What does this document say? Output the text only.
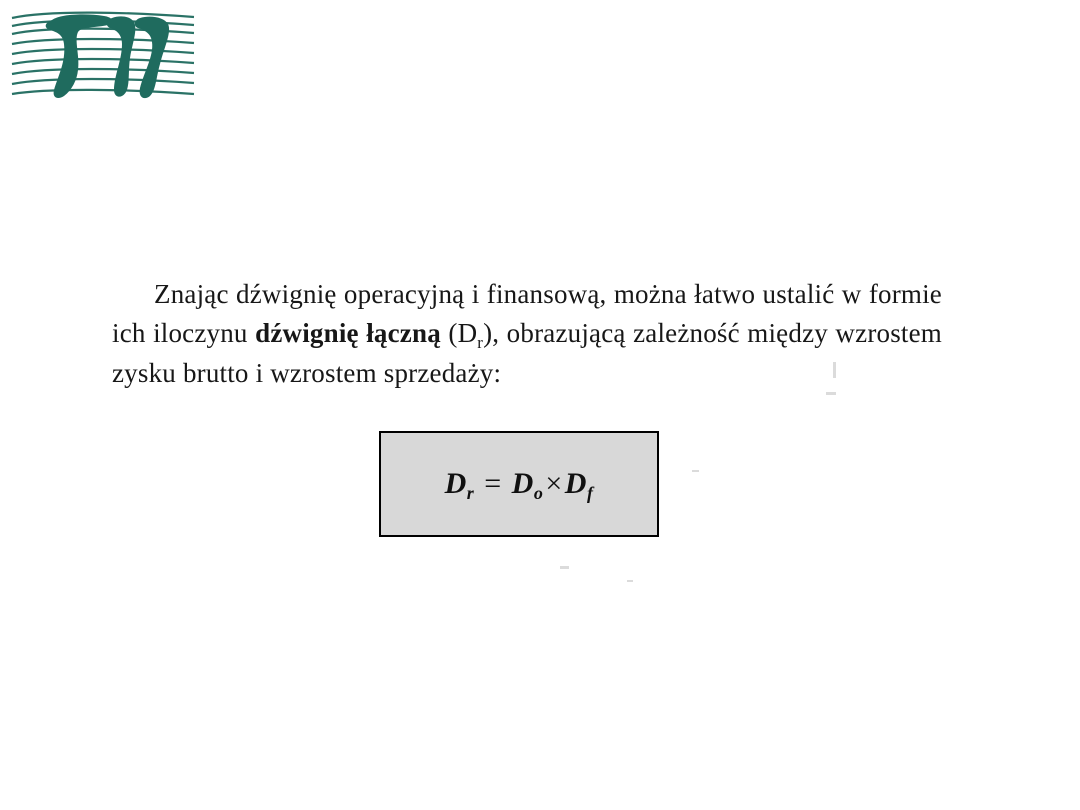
Znając dźwignię operacyjną i finansową, można łatwo ustalić w formie ich iloczynu dźwignię łączną $(D_r)$, obrazującą zależność między wzrostem zysku brutto i wzrostem sprzedaży:

$D_r = D_o\times D_f$
